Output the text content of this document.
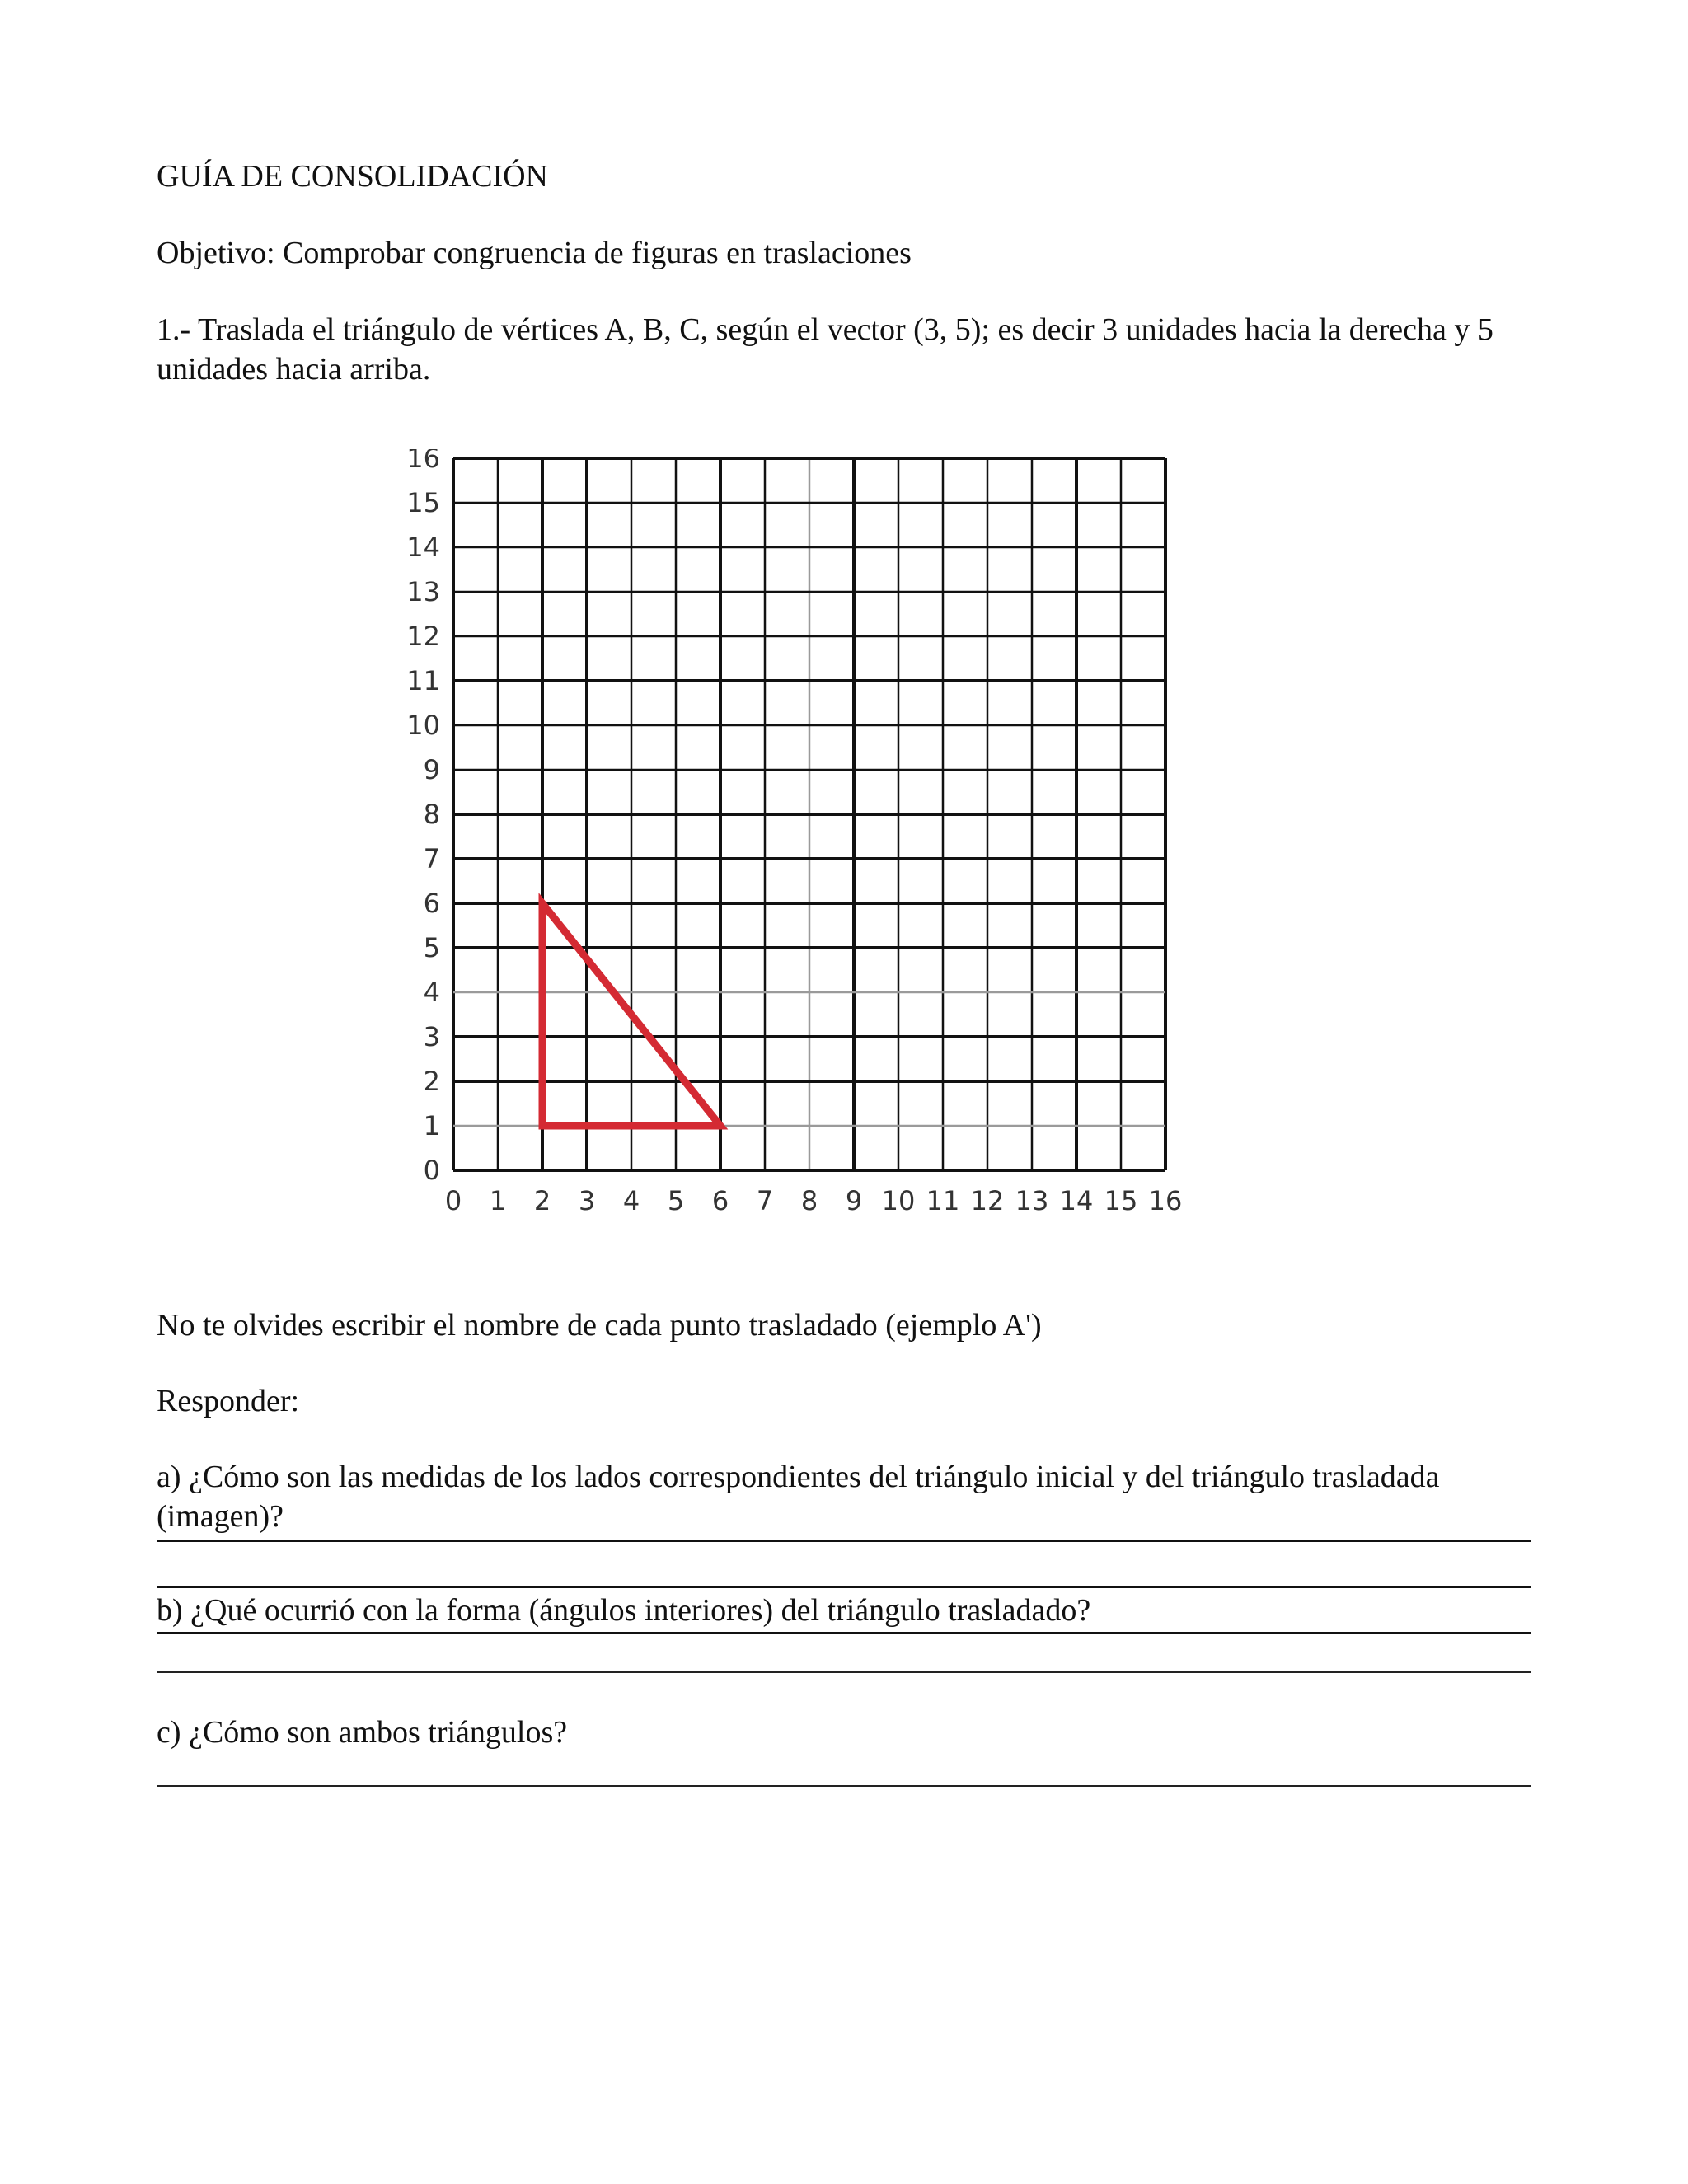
GUÍA DE CONSOLIDACIÓN

Objetivo: Comprobar congruencia de figuras en traslaciones

1.- Traslada el triángulo de vértices A, B, C, según el vector (3, 5); es decir 3 unidades hacia la derecha y 5 unidades hacia arriba.

0 1 2 3 4 5 6 7 8 9 10 11 12 13 14 15 16
0
1
2
3
4
5
6
7
8
9
10
11
12
13
14
15
16

No te olvides escribir el nombre de cada punto trasladado (ejemplo A')

Responder:

a) ¿Cómo son las medidas de los lados correspondientes del triángulo inicial y del triángulo trasladada (imagen)?

b) ¿Qué ocurrió con la forma (ángulos interiores) del triángulo trasladado?

c) ¿Cómo son ambos triángulos?
